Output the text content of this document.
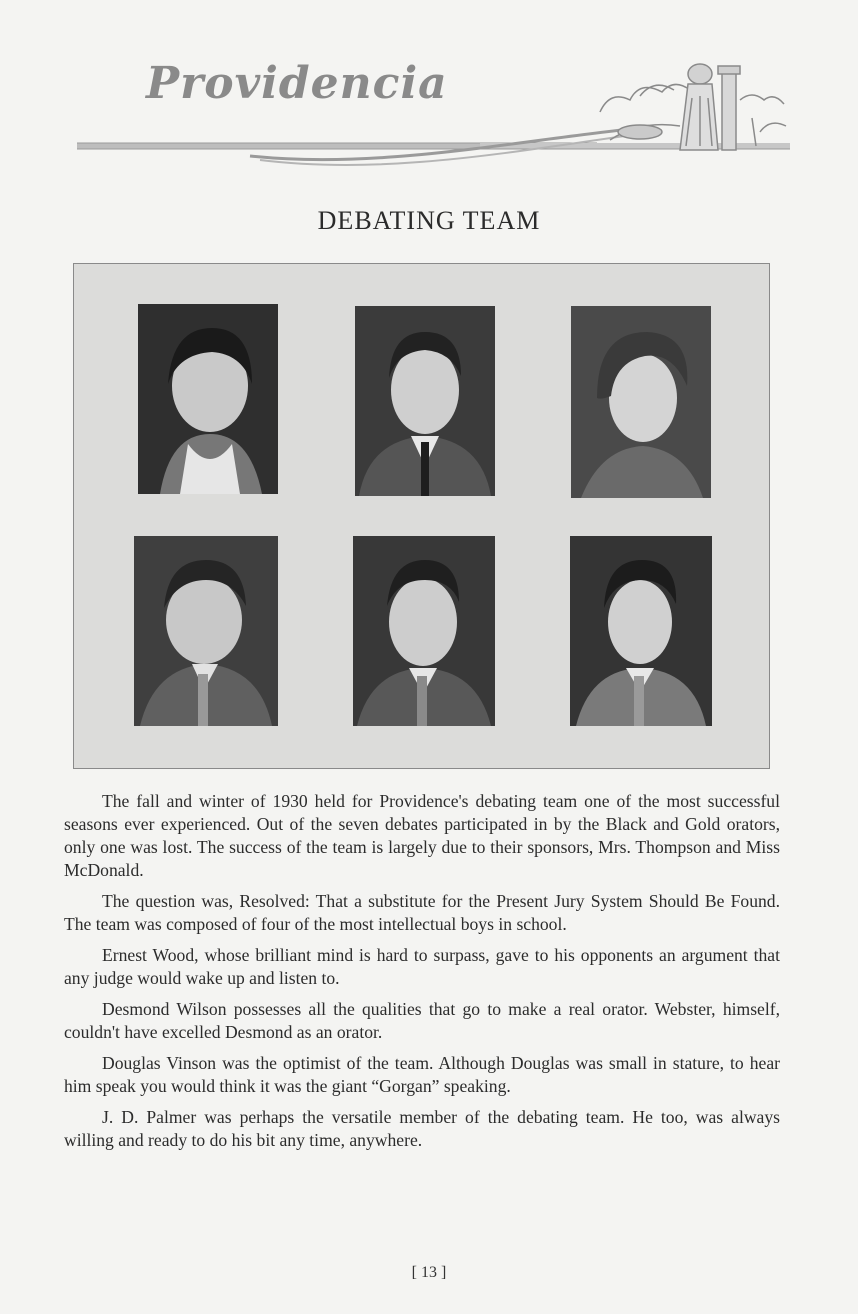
Providencia
DEBATING TEAM

The fall and winter of 1930 held for Providence's debating team one of the most successful seasons ever experienced. Out of the seven debates participated in by the Black and Gold orators, only one was lost. The success of the team is largely due to their sponsors, Mrs. Thompson and Miss McDonald.

The question was, Resolved: That a substitute for the Present Jury System Should Be Found. The team was composed of four of the most intellectual boys in school.

Ernest Wood, whose brilliant mind is hard to surpass, gave to his opponents an argument that any judge would wake up and listen to.

Desmond Wilson possesses all the qualities that go to make a real orator. Webster, himself, couldn't have excelled Desmond as an orator.

Douglas Vinson was the optimist of the team. Although Douglas was small in stature, to hear him speak you would think it was the giant “Gorgan” speaking.

J. D. Palmer was perhaps the versatile member of the debating team. He too, was always willing and ready to do his bit any time, anywhere.

[ 13 ]
